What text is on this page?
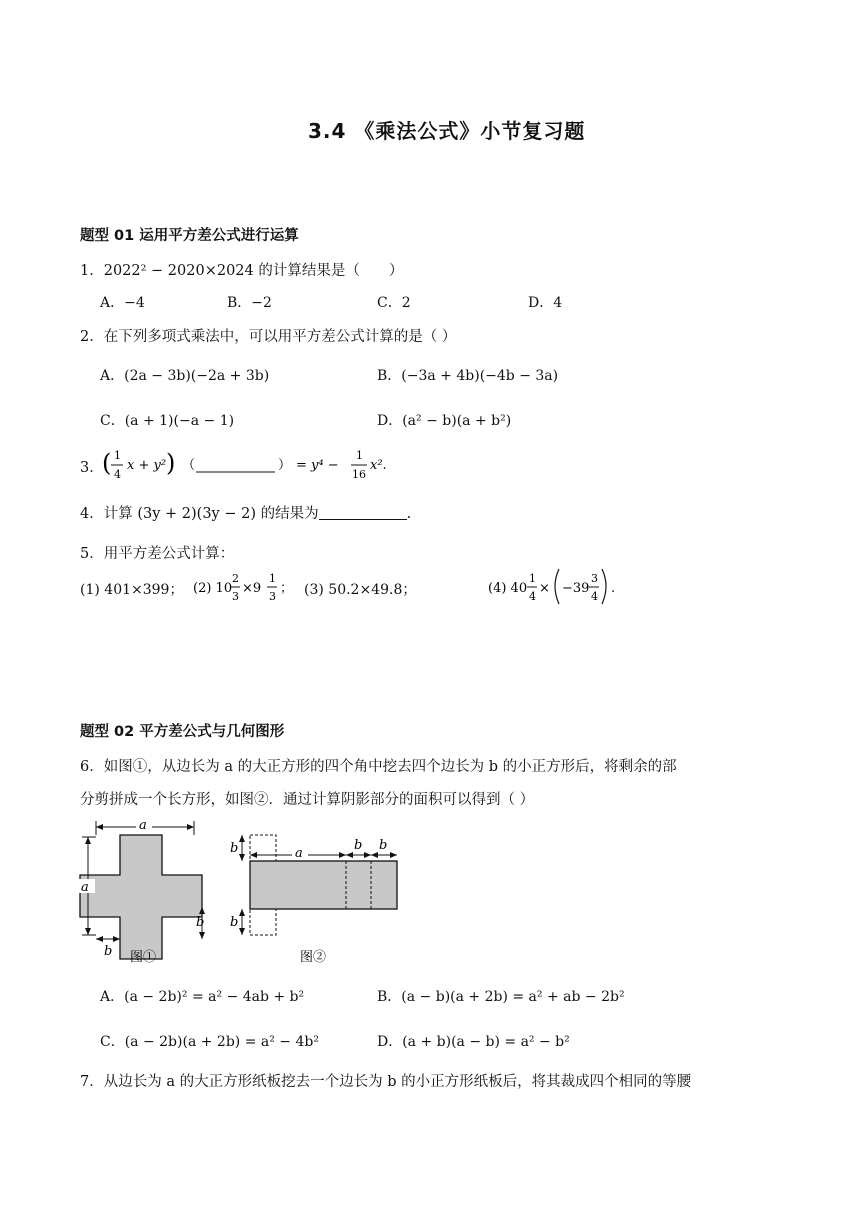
3.4 《乘法公式》小节复习题
题型 01 运用平方差公式进行运算
1．2022² − 2020×2024 的计算结果是（　　）
A．−4	B．−2	C．2	D．4
2．在下列多项式乘法中，可以用平方差公式计算的是（ ）
A．(2a − 3b)(−2a + 3b)	B．(−3a + 4b)(−4b − 3a)
C．(a + 1)(−a − 1)	D．(a² − b)(a + b²)
3．
( 1
4
x + y² ) （	） = y⁴ −
1
16
x².
4．计算 (3y + 2)(3y − 2) 的结果为	.
5．用平方差公式计算：
(1) 401×399； (2) 10
2
3
×9
1
3
； (3) 50.2×49.8；	(4) 40
1
4
× −39
3
4
.
题型 02 平方差公式与几何图形
6．如图①，从边长为 a 的大正方形的四个角中挖去四个边长为 b 的小正方形后，将剩余的部
分剪拼成一个长方形，如图②．通过计算阴影部分的面积可以得到（ ）
a
a
b
b 图①
a
b b
b
b
图②
A．(a − 2b)² = a² − 4ab + b²	B．(a − b)(a + 2b) = a² + ab − 2b²
C．(a − 2b)(a + 2b) = a² − 4b²	D．(a + b)(a − b) = a² − b²
7．从边长为 a 的大正方形纸板挖去一个边长为 b 的小正方形纸板后，将其裁成四个相同的等腰
